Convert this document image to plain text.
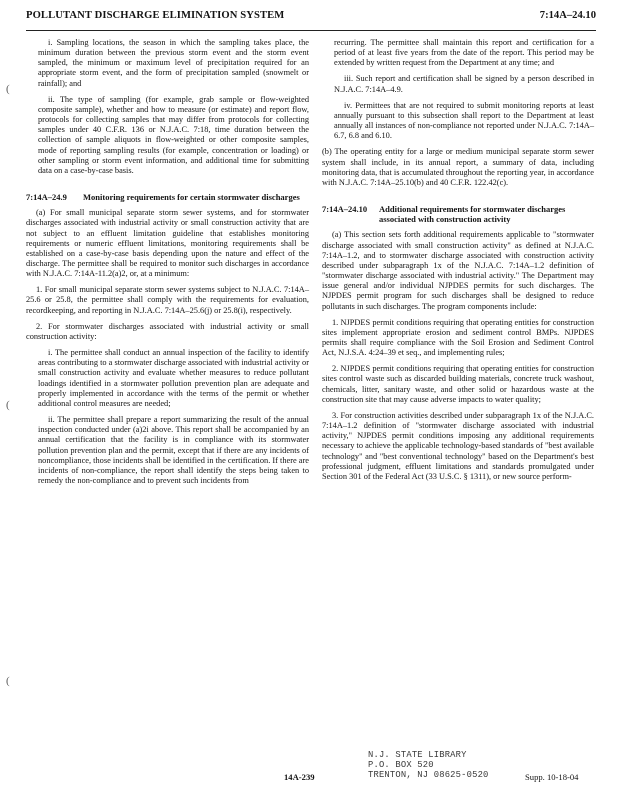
POLLUTANT DISCHARGE ELIMINATION SYSTEM	7:14A–24.10
(
(
(

i. Sampling locations, the season in which the sampling takes place, the minimum duration between the previous storm event and the storm event sampled, the minimum or maximum level of precipitation required for an appropriate storm event, and the form of precipitation sampled (snowmelt or rainfall); and

ii. The type of sampling (for example, grab sample or flow-weighted composite sample), whether and how to measure (or estimate) and report flow, protocols for collecting samples that may differ from protocols for collecting samples under 40 C.F.R. 136 or N.J.A.C. 7:18, time duration between the collection of sample aliquots in flow-weighted or other composite samples, mode of reporting sampling results (for example, concentration or loading) or other sampling or storm event information, and additional time for submitting data on a case-by-case basis.

7:14A–24.9	Monitoring requirements for certain stormwater discharges

(a) For small municipal separate storm sewer systems, and for stormwater discharges associated with industrial activity or small construction activity that are not subject to an effluent limitation guideline that establishes monitoring requirements or numeric effluent limitations, monitoring requirements shall be established on a case-by-case basis depending upon the nature and effect of the discharge. The permittee shall be required to monitor such discharges in accordance with N.J.A.C. 7:14A-11.2(a)2, or, at a minimum:

1. For small municipal separate storm sewer systems subject to N.J.A.C. 7:14A–25.6 or 25.8, the permittee shall comply with the requirements for evaluation, recordkeeping, and reporting in N.J.A.C. 7:14A–25.6(j) or 25.8(i), respectively.

2. For stormwater discharges associated with industrial activity or small construction activity:

i. The permittee shall conduct an annual inspection of the facility to identify areas contributing to a stormwater discharge associated with industrial activity or small construction activity and evaluate whether measures to reduce pollutant loadings identified in a stormwater pollution prevention plan are adequate and properly implemented in accordance with the terms of the permit or whether additional control measures are needed;

ii. The permittee shall prepare a report summarizing the result of the annual inspection conducted under (a)2i above. This report shall be accompanied by an annual certification that the facility is in compliance with its stormwater pollution prevention plan and the permit, except that if there are any incidents of noncompliance, those incidents shall be identified in the certification. If there are incidents of non-compliance, the report shall identify the steps being taken to remedy the non-compliance and to prevent such incidents from

recurring. The permittee shall maintain this report and certification for a period of at least five years from the date of the report. This period may be extended by written request from the Department at any time; and

iii. Such report and certification shall be signed by a person described in N.J.A.C. 7:14A–4.9.

iv. Permittees that are not required to submit monitoring reports at least annually pursuant to this subsection shall report to the Department at least annually all instances of non-compliance not reported under N.J.A.C. 7:14A–6.7, 6.8 and 6.10.

(b) The operating entity for a large or medium municipal separate storm sewer system shall include, in its annual report, a summary of data, including monitoring data, that is accumulated throughout the reporting year, in accordance with N.J.A.C. 7:14A–25.10(b) and 40 C.F.R. 122.42(c).

7:14A–24.10	Additional requirements for stormwater discharges associated with construction activity

(a) This section sets forth additional requirements applicable to "stormwater discharge associated with small construction activity" as defined at N.J.A.C. 7:14A–1.2, and to stormwater discharge associated with construction activity described under subparagraph 1x of the N.J.A.C. 7:14A–1.2 definition of "stormwater discharge associated with industrial activity." The Department may issue general and/or individual NJPDES permits for such discharges. The NJPDES permit program for such discharges shall be designed to reduce pollutants in such discharges. The program components include:

1. NJPDES permit conditions requiring that operating entities for construction sites implement appropriate erosion and sediment control BMPs. NJPDES permits shall require compliance with the Soil Erosion and Sediment Control Act, N.J.S.A. 4:24–39 et seq., and implementing rules;

2. NJPDES permit conditions requiring that operating entities for construction sites control waste such as discarded building materials, concrete truck washout, chemicals, litter, sanitary waste, and other solid or hazardous waste at the construction site that may cause adverse impacts to water quality;

3. For construction activities described under subparagraph 1x of the N.J.A.C. 7:14A–1.2 definition of "stormwater discharge associated with industrial activity," NJPDES permit conditions imposing any additional requirements necessary to achieve the applicable technology-based standards of "best available technology" and "best conventional technology" based on the Department's best professional judgment, effluent limitations and standards promulgated under Section 301 of the Federal Act (33 U.S.C. § 1311), or new source perform-

14A-239
N.J. STATE LIBRARY
P.O. BOX 520
TRENTON, NJ 08625-0520	Supp. 10-18-04
